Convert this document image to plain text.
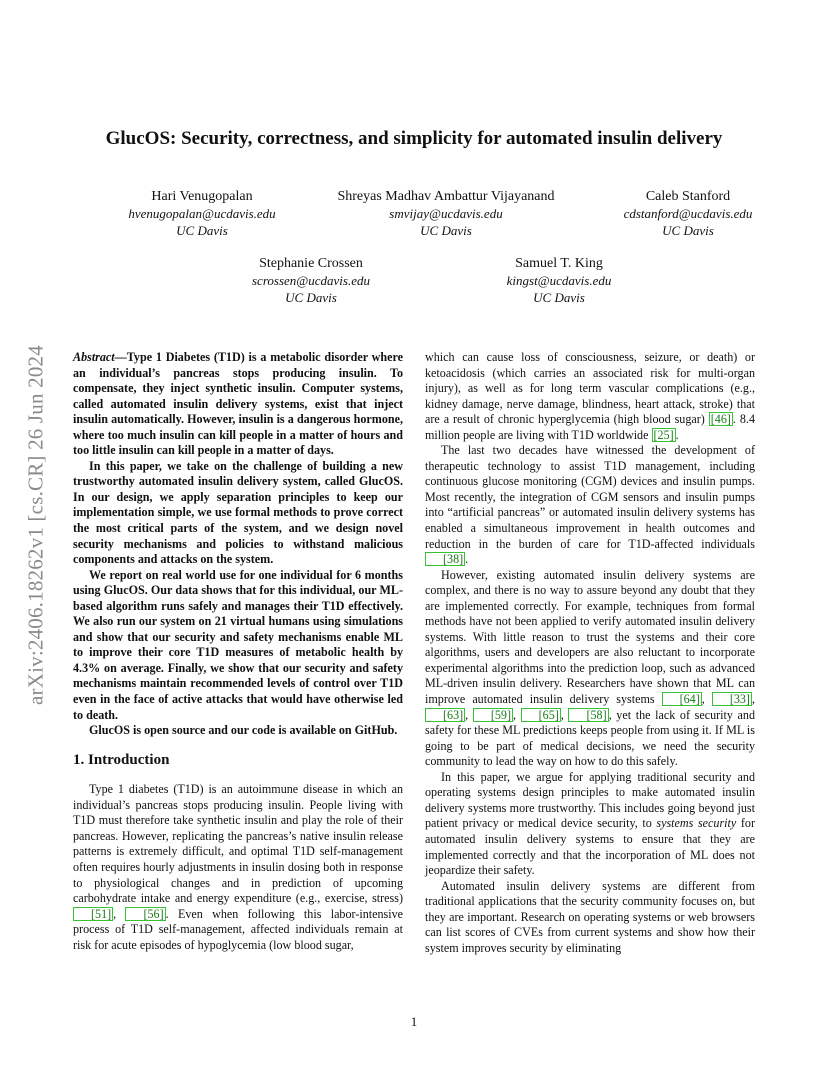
arXiv:2406.18262v1 [cs.CR] 26 Jun 2024
GlucOS: Security, correctness, and simplicity for automated insulin delivery
Hari Venugopalan
hvenugopalan@ucdavis.edu
UC Davis
Shreyas Madhav Ambattur Vijayanand
smvijay@ucdavis.edu
UC Davis
Caleb Stanford
cdstanford@ucdavis.edu
UC Davis
Stephanie Crossen
scrossen@ucdavis.edu
UC Davis
Samuel T. King
kingst@ucdavis.edu
UC Davis

Abstract—Type 1 Diabetes (T1D) is a metabolic disorder where an individual’s pancreas stops producing insulin. To compensate, they inject synthetic insulin. Computer systems, called automated insulin delivery systems, exist that inject insulin automatically. However, insulin is a dangerous hormone, where too much insulin can kill people in a matter of hours and too little insulin can kill people in a matter of days.

In this paper, we take on the challenge of building a new trustworthy automated insulin delivery system, called GlucOS. In our design, we apply separation principles to keep our implementation simple, we use formal methods to prove correct the most critical parts of the system, and we design novel security mechanisms and policies to withstand malicious components and attacks on the system.

We report on real world use for one individual for 6 months using GlucOS. Our data shows that for this individual, our ML-based algorithm runs safely and manages their T1D effectively. We also run our system on 21 virtual humans using simulations and show that our security and safety mechanisms enable ML to improve their core T1D measures of metabolic health by 4.3% on average. Finally, we show that our security and safety mechanisms maintain recommended levels of control over T1D even in the face of active attacks that would have otherwise led to death.

GlucOS is open source and our code is available on GitHub.

1. Introduction

Type 1 diabetes (T1D) is an autoimmune disease in which an individual’s pancreas stops producing insulin. People living with T1D must therefore take synthetic insulin and play the role of their pancreas. However, replicating the pancreas’s native insulin release patterns is extremely difficult, and optimal T1D self-management often requires hourly adjustments in insulin dosing both in response to physiological changes and in prediction of upcoming carbohydrate intake and energy expenditure (e.g., exercise, stress) [51] , [56] . Even when following this labor-intensive process of T1D self-management, affected individuals remain at risk for acute episodes of hypoglycemia (low blood sugar,

which can cause loss of consciousness, seizure, or death) or ketoacidosis (which carries an associated risk for multi-organ injury), as well as for long term vascular complications (e.g., kidney damage, nerve damage, blindness, heart attack, stroke) that are a result of chronic hyperglycemia (high blood sugar) [46] . 8.4 million people are living with T1D worldwide [25] .

The last two decades have witnessed the development of therapeutic technology to assist T1D management, including continuous glucose monitoring (CGM) devices and insulin pumps. Most recently, the integration of CGM sensors and insulin pumps into “artificial pancreas” or automated insulin delivery systems has enabled a simultaneous improvement in health outcomes and reduction in the burden of care for T1D-affected individuals [38] .

However, existing automated insulin delivery systems are complex, and there is no way to assure beyond any doubt that they are implemented correctly. For example, techniques from formal methods have not been applied to verify automated insulin delivery systems. With little reason to trust the systems and their core algorithms, users and developers are also reluctant to incorporate experimental algorithms into the prediction loop, such as advanced ML-driven insulin delivery. Researchers have shown that ML can improve automated insulin delivery systems [64] , [33] , [63] , [59] , [65] , [58] , yet the lack of security and safety for these ML predictions keeps people from using it. If ML is going to be part of medical decisions, we need the security community to lead the way on how to do this safely.

In this paper, we argue for applying traditional security and operating systems design principles to make automated insulin delivery systems more trustworthy. This includes going beyond just patient privacy or medical device security, to systems security for automated insulin delivery systems to ensure that they are implemented correctly and that the incorporation of ML does not jeopardize their safety.

Automated insulin delivery systems are different from traditional applications that the security community focuses on, but they are important. Research on operating systems or web browsers can list scores of CVEs from current systems and show how their system improves security by eliminating

1
